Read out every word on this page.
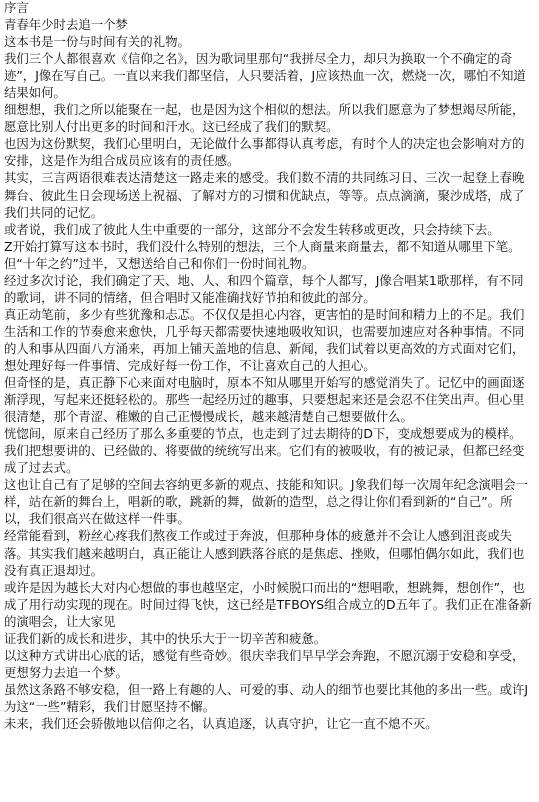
序言

青春年少时去追一个梦

这本书是一份与时间有关的礼物。

我们三个人都很喜欢《信仰之名》，因为歌词里那句“我拼尽全力，却只为换取一个不确定的奇迹”，J像在写自己。一直以来我们都坚信，人只要活着，J应该热血一次，燃烧一次，哪怕不知道结果如何。

细想想，我们之所以能聚在一起，也是因为这个相似的想法。所以我们愿意为了梦想竭尽所能，愿意比别人付出更多的时间和汗水。这已经成了我们的默契。

也因为这份默契，我们心里明白，无论做什么事都得认真考虑，有时个人的决定也会影响对方的安排，这是作为组合成员应该有的责任感。

其实，三言两语很难表达清楚这一路走来的感受。我们数不清的共同练习日、三次一起登上春晚舞台、彼此生日会现场送上祝福、了解对方的习惯和优缺点，等等。点点滴滴，聚沙成塔，成了我们共同的记忆。

或者说，我们成了彼此人生中重要的一部分，这部分不会发生转移或更改，只会持续下去。

Z开始打算写这本书时，我们没什么特别的想法，三个人商量来商量去，都不知道从哪里下笔。但“十年之约”过半，又想送给自己和你们一份时间礼物。

经过多次讨论，我们确定了天、地、人、和四个篇章，每个人都写，J像合唱某1歌那样，有不同的歌词，讲不同的情绪，但合唱时又能准确找好节拍和彼此的部分。

真正动笔前，多少有些犹豫和忐忑。不仅仅是担心内容，更害怕的是时间和精力上的不足。我们生活和工作的节奏愈来愈快，几乎每天都需要快速地吸收知识，也需要加速应对各种事情。不同的人和事从四面八方涌来，再加上铺天盖地的信息、新闻，我们试着以更高效的方式面对它们，想处理好每一件事情、完成好每一份工作，不让喜欢自己的人担心。

但奇怪的是，真正静下心来面对电脑时，原本不知从哪里开始写的感觉消失了。记忆中的画面逐渐浮现，写起来还挺轻松的。那些一起经历过的趣事，只要想起来还是会忍不住笑出声。但心里很清楚，那个青涩、稚嫩的自己正慢慢成长，越来越清楚自己想要做什么。

恍惚间，原来自己经历了那么多重要的节点，也走到了过去期待的D下，变成想要成为的模样。

我们把想要讲的、已经做的、将要做的统统写出来。它们有的被吸收，有的被记录，但都已经变成了过去式。

这也让自己有了足够的空间去容纳更多新的观点、技能和知识。J象我们每一次周年纪念演唱会一样，站在新的舞台上，唱新的歌，跳新的舞，做新的造型，总之得让你们看到新的“自己”。所以，我们很高兴在做这样一件事。

经常能看到，粉丝心疼我们熬夜工作或过于奔波，但那种身体的疲惫并不会让人感到沮丧或失落。其实我们越来越明白，真正能让人感到跌落谷底的是焦虑、挫败，但哪怕偶尔如此，我们也没有真正退却过。

或许是因为越长大对内心想做的事也越坚定，小时候脱口而出的“想唱歌，想跳舞，想创作”，也成了用行动实现的现在。时间过得飞快，这已经是TFBOYS组合成立的D五年了。我们正在准备新的演唱会，让大家见

证我们新的成长和进步，其中的快乐大于一切辛苦和疲惫。

以这种方式讲出心底的话，感觉有些奇妙。很庆幸我们早早学会奔跑，不愿沉溺于安稳和享受，更想努力去追一个梦。

虽然这条路不够安稳，但一路上有趣的人、可爱的事、动人的细节也要比其他的多出一些。或许J为这“一些”精彩，我们甘愿坚持不懈。

未来，我们还会骄傲地以信仰之名，认真追逐，认真守护，让它一直不熄不灭。
